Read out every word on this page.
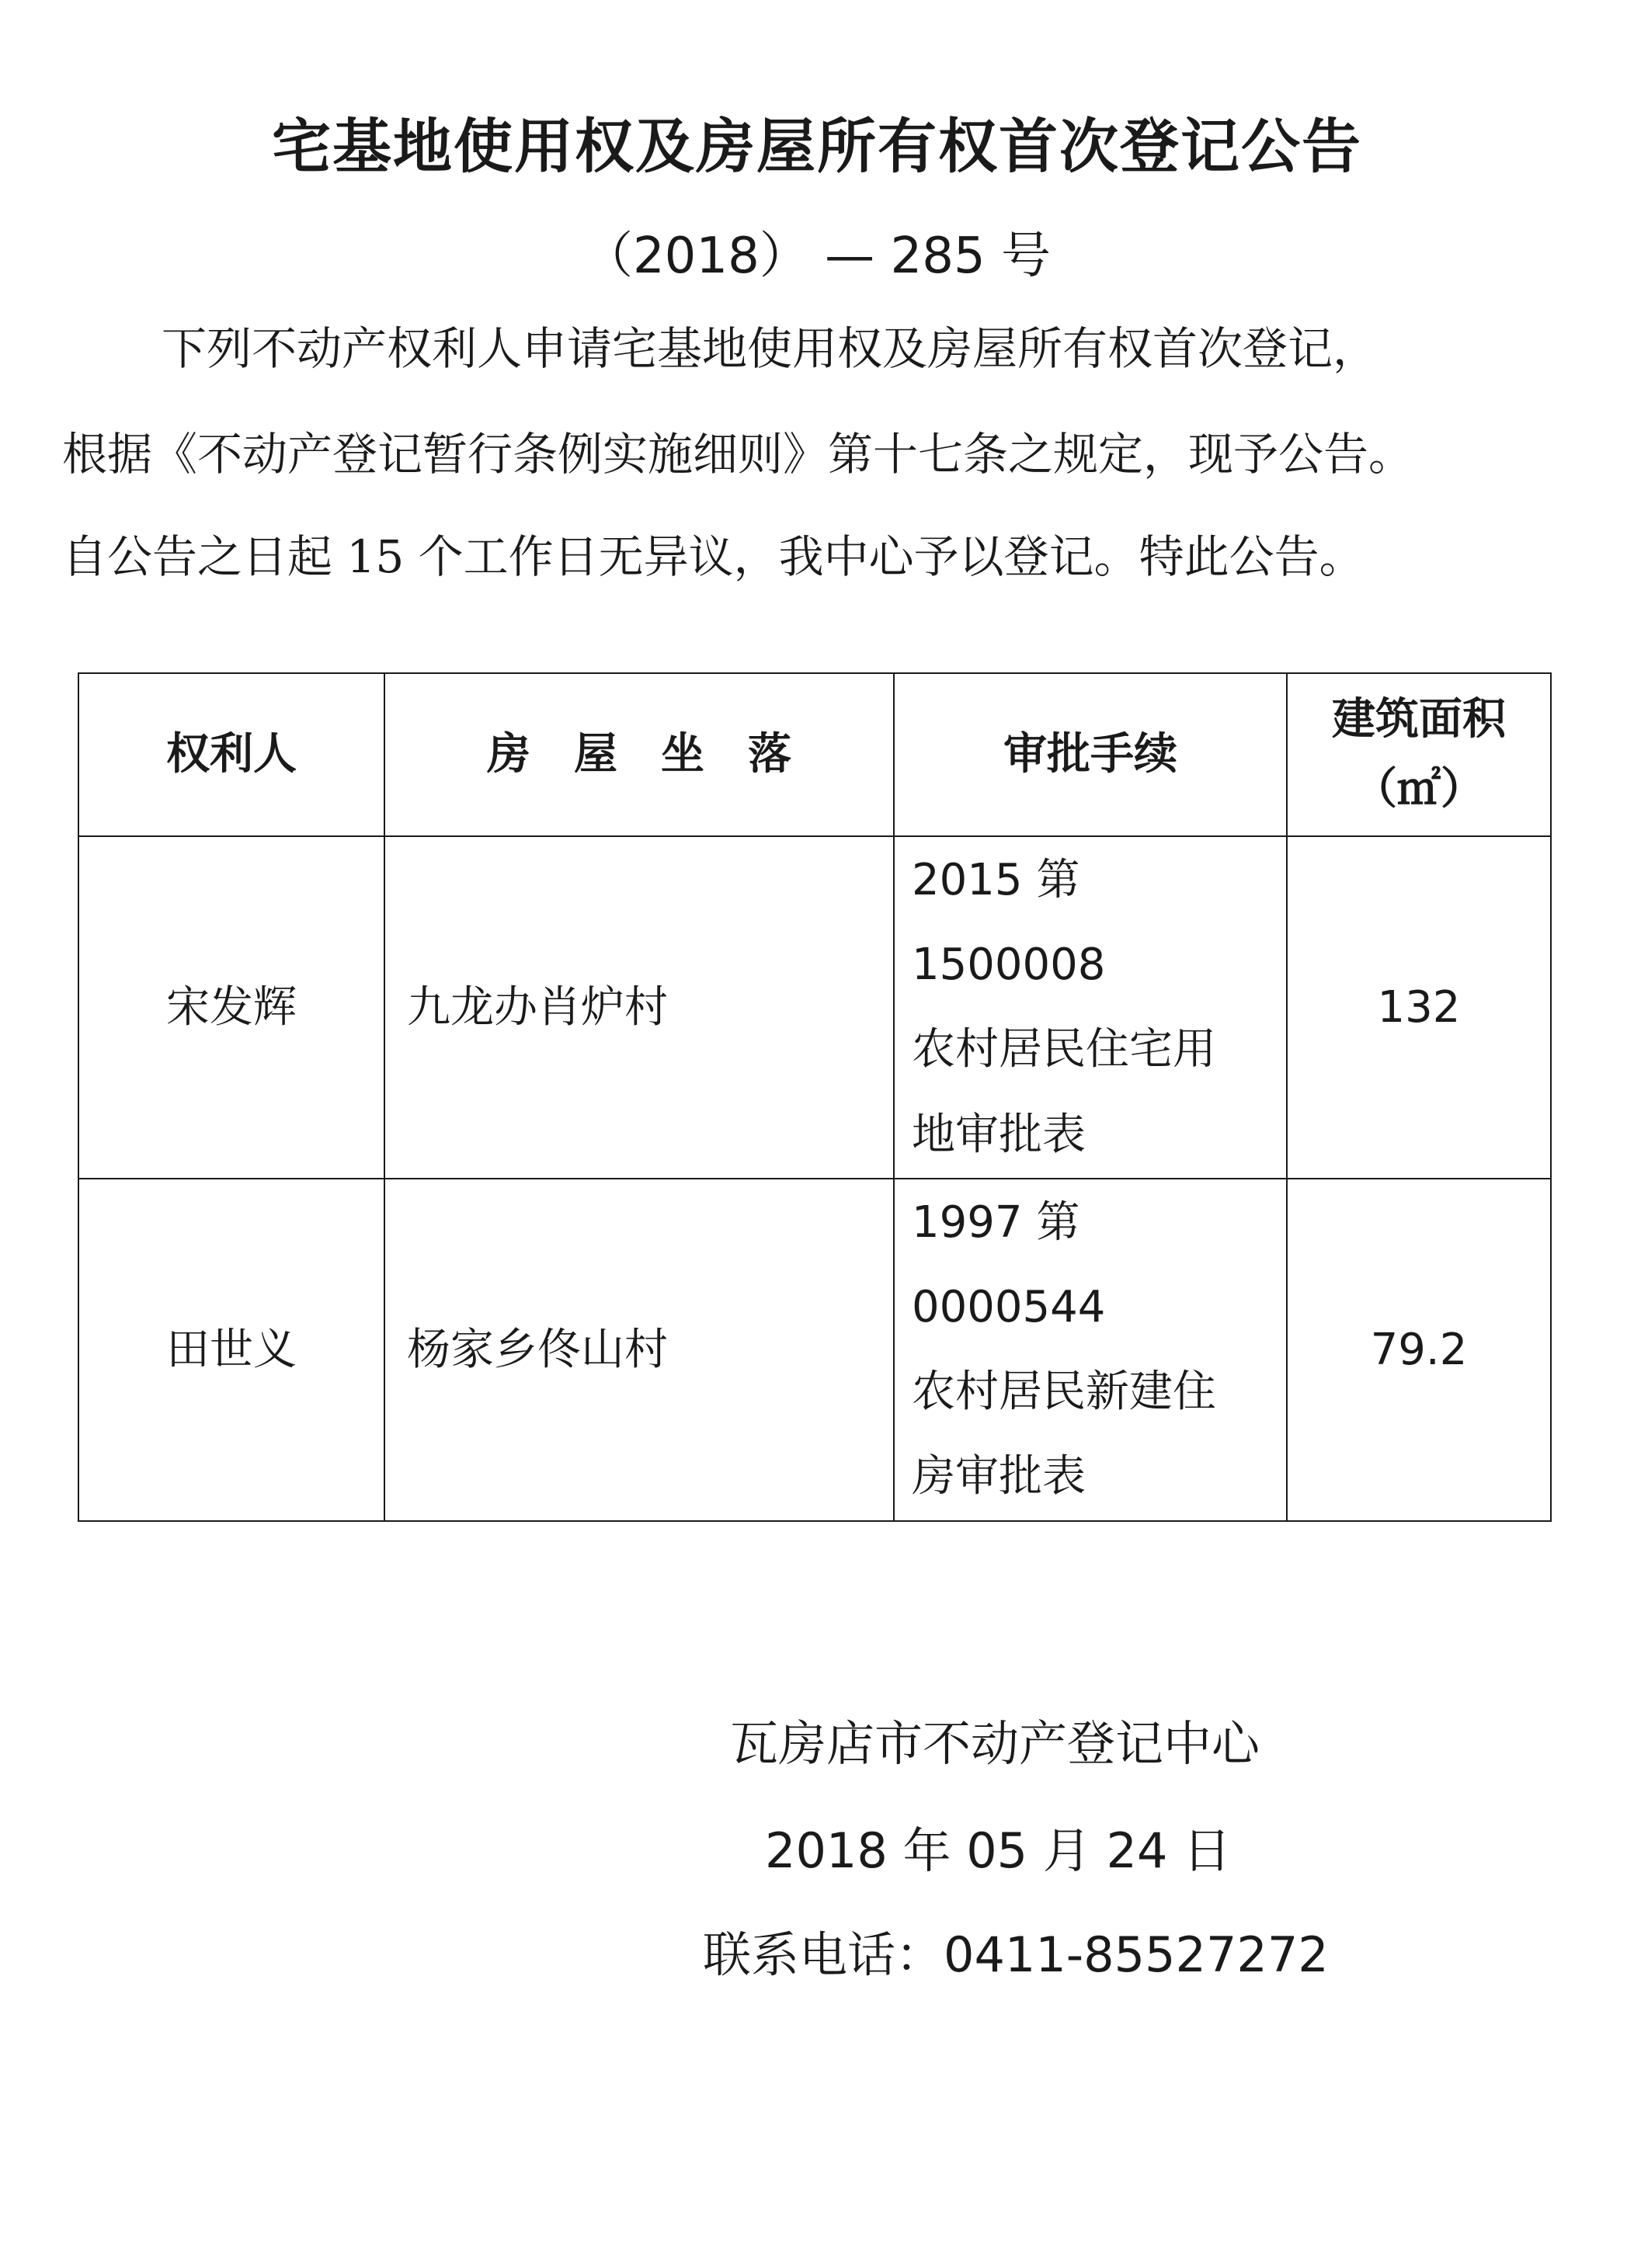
宅基地使用权及房屋所有权首次登记公告
（2018） — 285 号
下列不动产权利人申请宅基地使用权及房屋所有权首次登记，
根据《不动产登记暂行条例实施细则》第十七条之规定，现予公告。
自公告之日起 15 个工作日无异议，我中心予以登记。特此公告。
权利人	房屋坐落	审批手续	建筑面积
（㎡）

宋发辉	九龙办肖炉村	2015 第 1500008
农村居民住宅用
地审批表	132
田世义	杨家乡佟山村	1997 第 0000544
农村居民新建住
房审批表	79.2
瓦房店市不动产登记中心
2018 年 05 月 24 日
联系电话：0411-85527272
